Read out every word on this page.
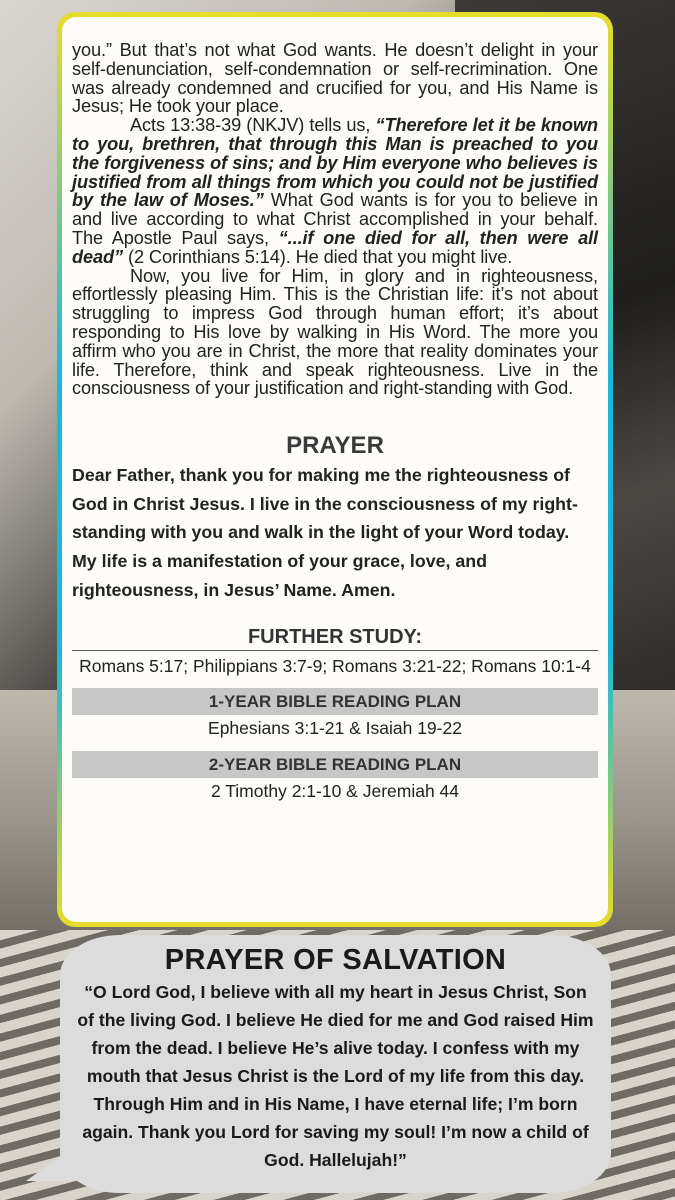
you.” But that’s not what God wants. He doesn’t delight in your self-denunciation, self-condemnation or self-recrimination. One was already condemned and crucified for you, and His Name is Jesus; He took your place.

Acts 13:38-39 (NKJV) tells us, “Therefore let it be known to you, brethren, that through this Man is preached to you the forgiveness of sins; and by Him everyone who believes is justified from all things from which you could not be justified by the law of Moses.” What God wants is for you to believe in and live according to what Christ accomplished in your behalf. The Apostle Paul says, “...if one died for all, then were all dead” (2 Corinthians 5:14). He died that you might live.

Now, you live for Him, in glory and in righteousness, effortlessly pleasing Him. This is the Christian life: it’s not about struggling to impress God through human effort; it’s about responding to His love by walking in His Word. The more you affirm who you are in Christ, the more that reality dominates your life. Therefore, think and speak righteousness. Live in the consciousness of your justification and right-standing with God.

PRAYER
Dear Father, thank you for making me the righteousness of God in Christ Jesus. I live in the consciousness of my right-standing with you and walk in the light of your Word today. My life is a manifestation of your grace, love, and righteousness, in Jesus’ Name. Amen.
FURTHER STUDY:
Romans 5:17; Philippians 3:7-9; Romans 3:21-22; Romans 10:1-4
1-YEAR BIBLE READING PLAN
Ephesians 3:1-21 & Isaiah 19-22
2-YEAR BIBLE READING PLAN
2 Timothy 2:1-10 & Jeremiah 44
PRAYER OF SALVATION
“O Lord God, I believe with all my heart in Jesus Christ, Son of the living God. I believe He died for me and God raised Him from the dead. I believe He’s alive today. I confess with my mouth that Jesus Christ is the Lord of my life from this day. Through Him and in His Name, I have eternal life; I’m born again. Thank you Lord for saving my soul! I’m now a child of God. Hallelujah!”
